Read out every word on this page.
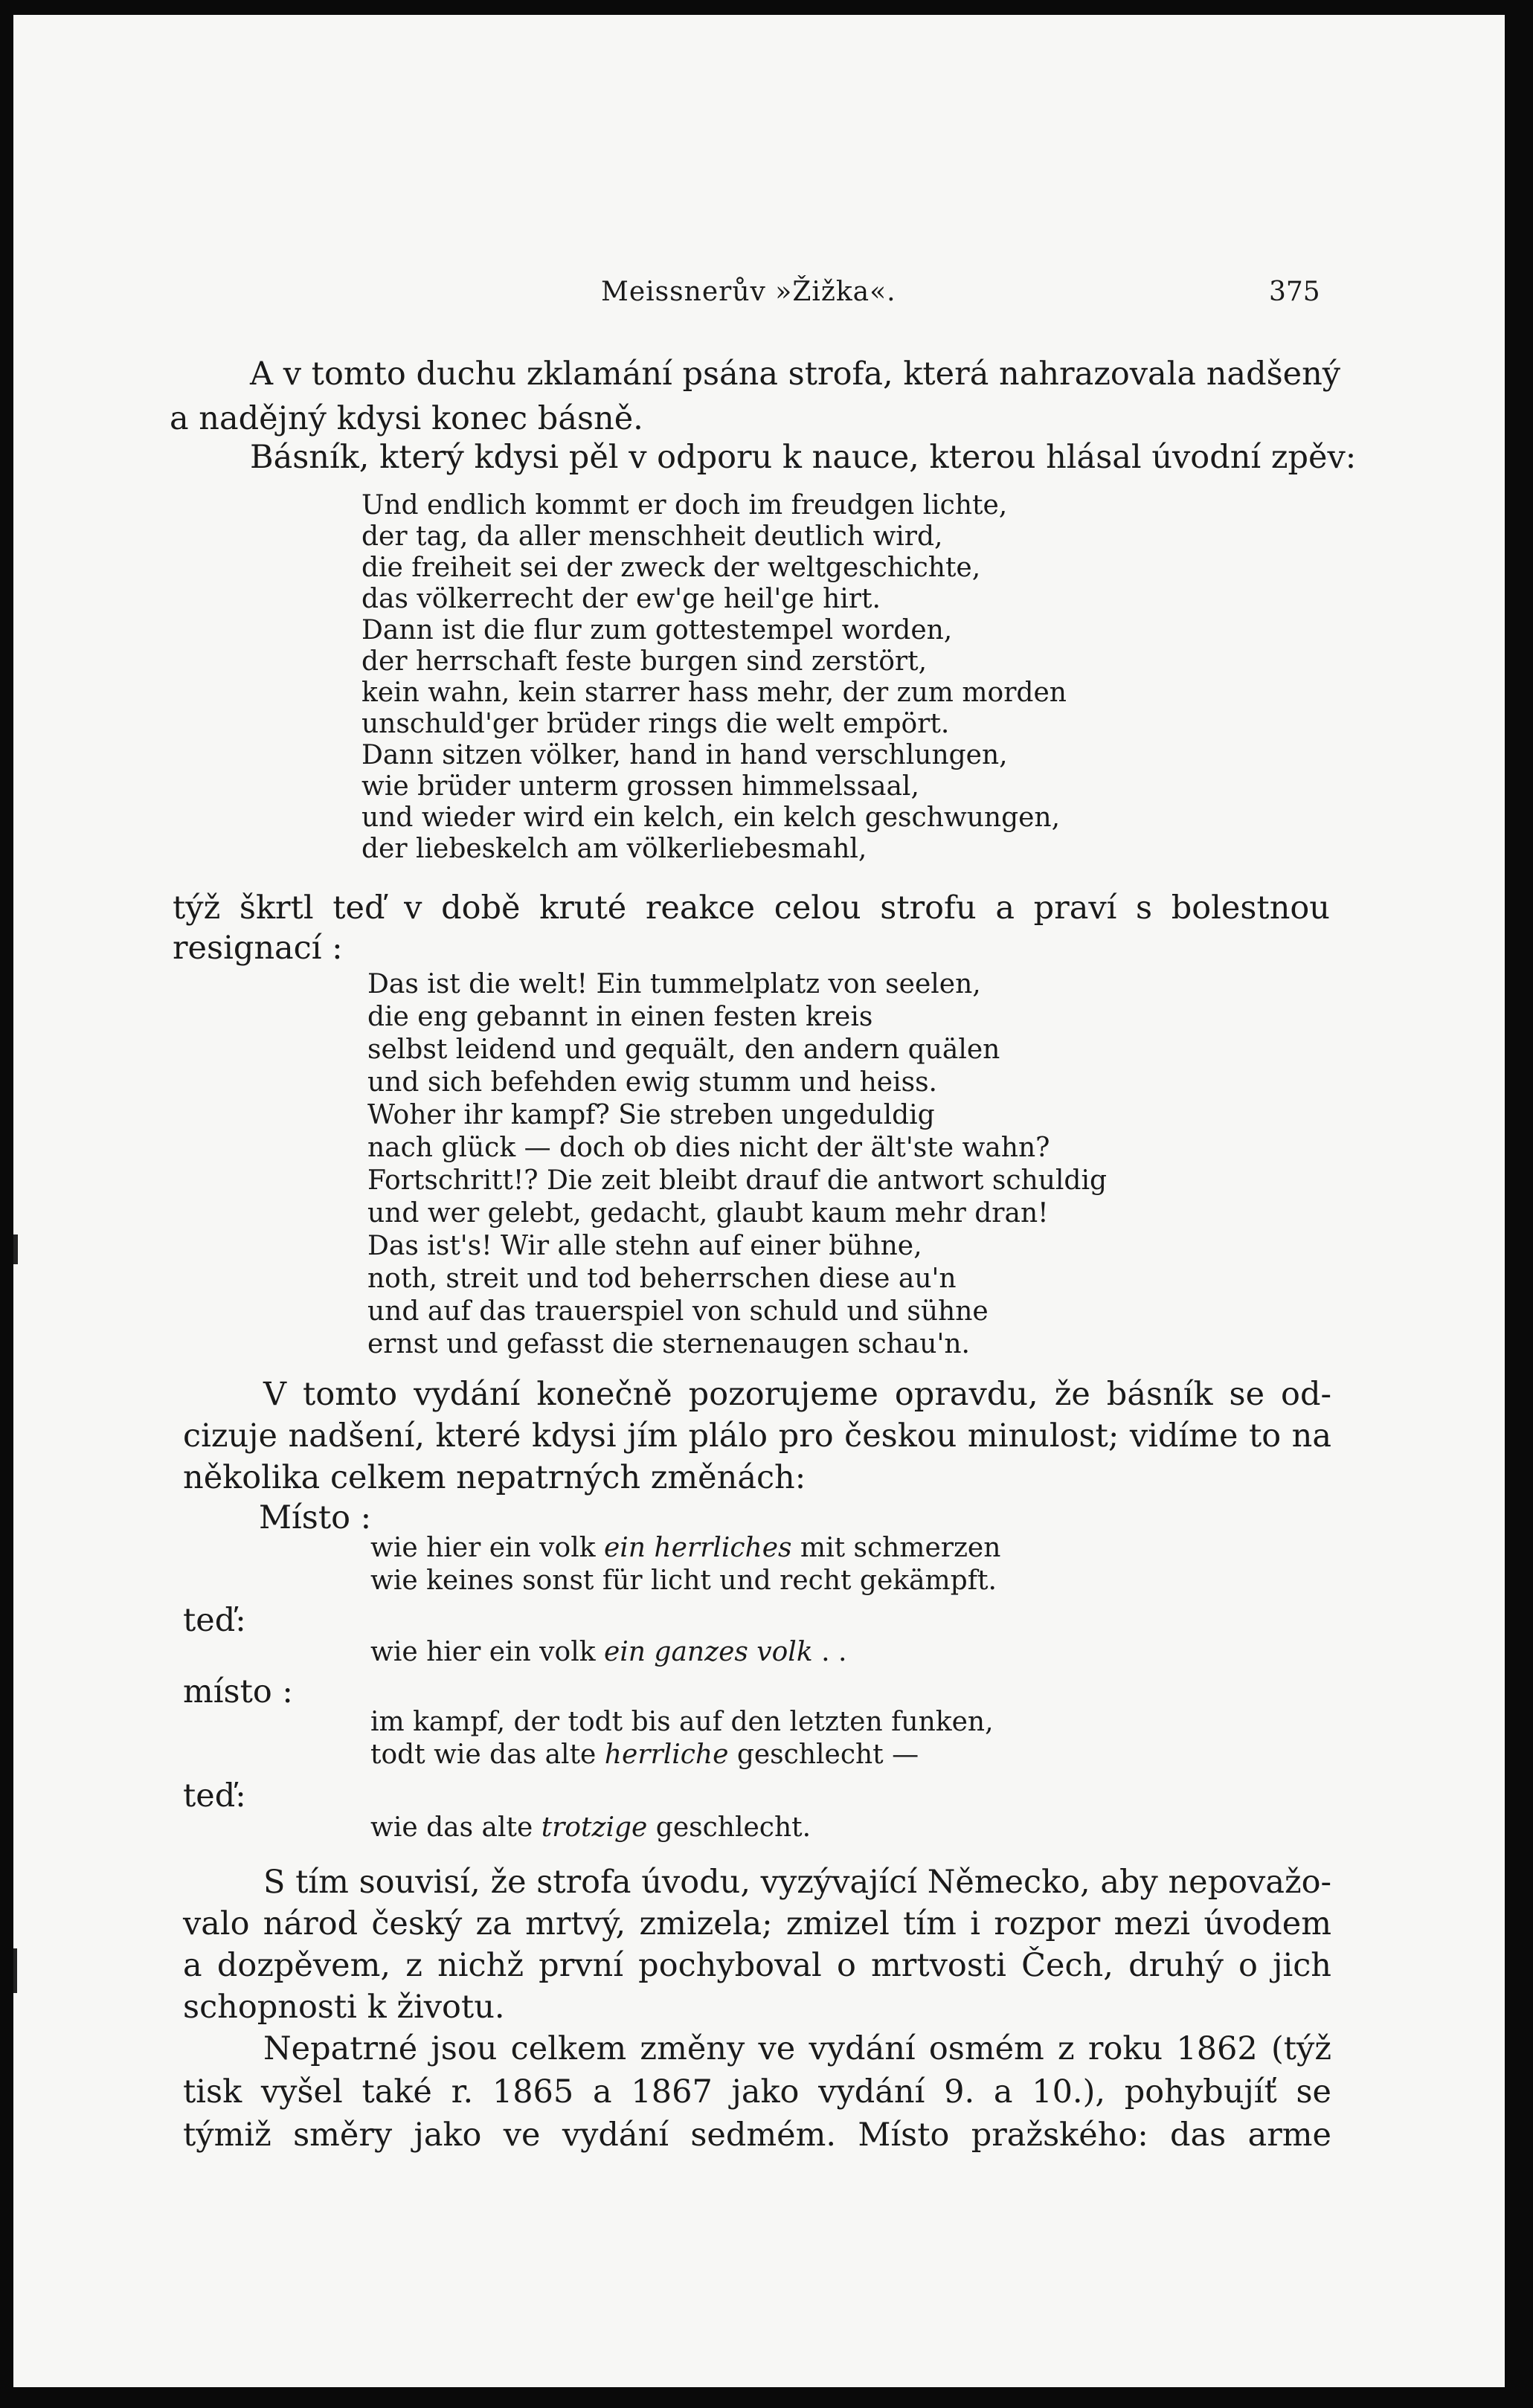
Meissnerův »Žižka«.	375
A v tomto duchu zklamání psána strofa, která nahrazovala nadšený
a nadějný kdysi konec básně.
Básník, který kdysi pěl v odporu k nauce, kterou hlásal úvodní zpěv:
Und endlich kommt er doch im freudgen lichte,
der tag, da aller menschheit deutlich wird,
die freiheit sei der zweck der weltgeschichte,
das völkerrecht der ew'ge heil'ge hirt.
Dann ist die flur zum gottestempel worden,
der herrschaft feste burgen sind zerstört,
kein wahn, kein starrer hass mehr, der zum morden
unschuld'ger brüder rings die welt empört.
Dann sitzen völker, hand in hand verschlungen,
wie brüder unterm grossen himmelssaal,
und wieder wird ein kelch, ein kelch geschwungen,
der liebeskelch am völkerliebesmahl,
týž škrtl teď v době kruté reakce celou strofu a praví s bolestnou
resignací :
Das ist die welt! Ein tummelplatz von seelen,
die eng gebannt in einen festen kreis
selbst leidend und gequält, den andern quälen
und sich befehden ewig stumm und heiss.
Woher ihr kampf? Sie streben ungeduldig
nach glück — doch ob dies nicht der ält'ste wahn?
Fortschritt!? Die zeit bleibt drauf die antwort schuldig
und wer gelebt, gedacht, glaubt kaum mehr dran!
Das ist's! Wir alle stehn auf einer bühne,
noth, streit und tod beherrschen diese au'n
und auf das trauerspiel von schuld und sühne
ernst und gefasst die sternenaugen schau'n.
V tomto vydání konečně pozorujeme opravdu, že básník se od-
cizuje nadšení, které kdysi jím plálo pro českou minulost; vidíme to na
několika celkem nepatrných změnách:
Místo :
wie hier ein volk ein herrliches mit schmerzen
wie keines sonst für licht und recht gekämpft.
teď:
wie hier ein volk ein ganzes volk . .
místo :
im kampf, der todt bis auf den letzten funken,
todt wie das alte herrliche geschlecht —
teď:
wie das alte trotzige geschlecht.
S tím souvisí, že strofa úvodu, vyzývající Německo, aby nepovažo-
valo národ český za mrtvý, zmizela; zmizel tím i rozpor mezi úvodem
a dozpěvem, z nichž první pochyboval o mrtvosti Čech, druhý o jich
schopnosti k životu.
Nepatrné jsou celkem změny ve vydání osmém z roku 1862 (týž
tisk vyšel také r. 1865 a 1867 jako vydání 9. a 10.), pohybujíť se
týmiž směry jako ve vydání sedmém. Místo pražského: das arme
